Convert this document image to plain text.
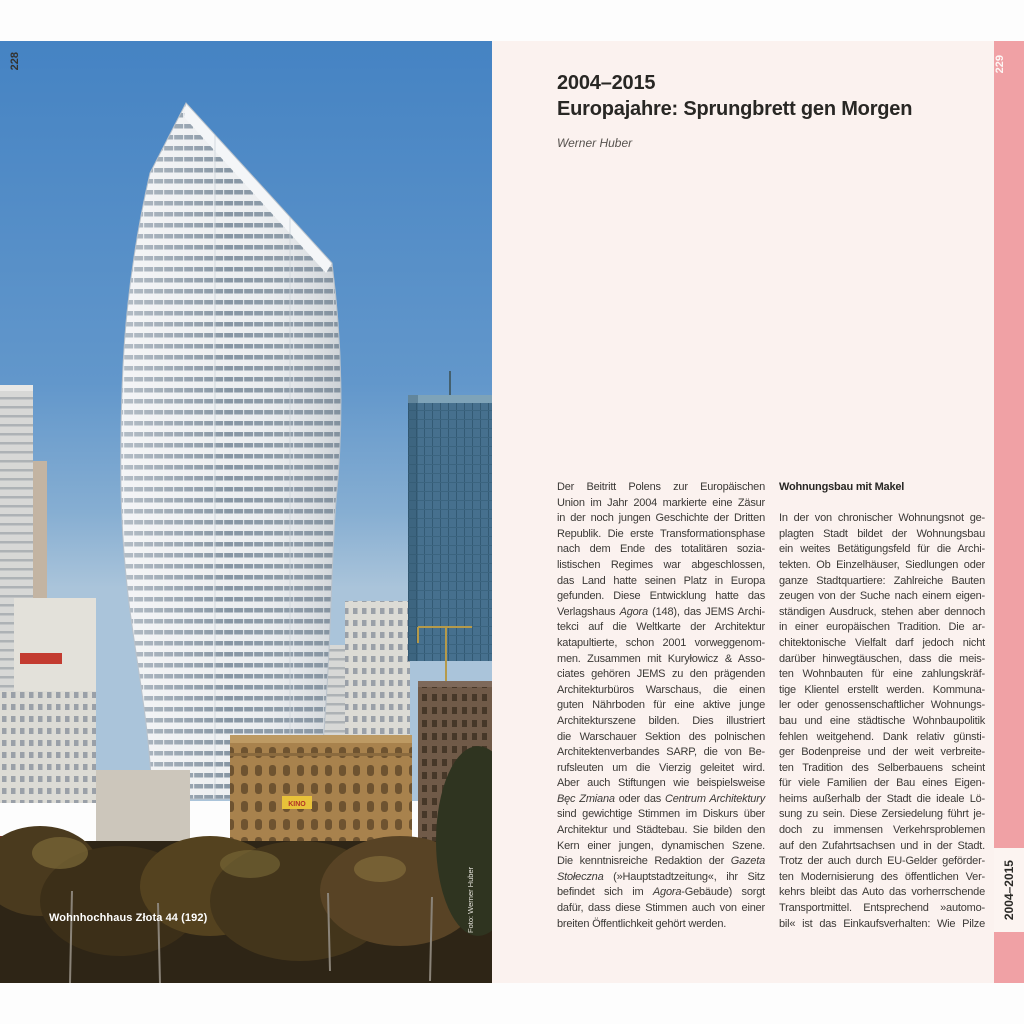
KINO
Wohnhochhaus Złota 44 (192)	Foto: Werner Huber
228
2004–2015
Europajahre: Sprungbrett gen Morgen
Werner Huber
Der Beitritt Polens zur Europäischen
Union im Jahr 2004 markierte eine Zäsur
in der noch jungen Geschichte der Dritten
Republik. Die erste Transformationsphase
nach dem Ende des totalitären sozia-
listischen Regimes war abgeschlossen,
das Land hatte seinen Platz in Europa
gefunden. Diese Entwicklung hatte das
Verlagshaus Agora (148), das JEMS Archi-
tekci auf die Weltkarte der Architektur
katapultierte, schon 2001 vorweggenom-
men. Zusammen mit Kuryłowicz & Asso-
ciates gehören JEMS zu den prägenden
Architekturbüros Warschaus, die einen
guten Nährboden für eine aktive junge
Architekturszene bilden. Dies illustriert
die Warschauer Sektion des polnischen
Architektenverbandes SARP, die von Be-
rufsleuten um die Vierzig geleitet wird.
Aber auch Stiftungen wie beispielsweise
Bęc Zmiana oder das Centrum Architektury
sind gewichtige Stimmen im Diskurs über
Architektur und Städtebau. Sie bilden den
Kern einer jungen, dynamischen Szene.
Die kenntnisreiche Redaktion der Gazeta
Stołeczna (»Hauptstadtzeitung«, ihr Sitz
befindet sich im Agora-Gebäude) sorgt
dafür, dass diese Stimmen auch von einer
breiten Öffentlichkeit gehört werden.
Wohnungsbau mit Makel
In der von chronischer Wohnungsnot ge-
plagten Stadt bildet der Wohnungsbau
ein weites Betätigungsfeld für die Archi-
tekten. Ob Einzelhäuser, Siedlungen oder
ganze Stadtquartiere: Zahlreiche Bauten
zeugen von der Suche nach einem eigen-
ständigen Ausdruck, stehen aber dennoch
in einer europäischen Tradition. Die ar-
chitektonische Vielfalt darf jedoch nicht
darüber hinwegtäuschen, dass die meis-
ten Wohnbauten für eine zahlungskräf-
tige Klientel erstellt werden. Kommuna-
ler oder genossenschaftlicher Wohnungs-
bau und eine städtische Wohnbaupolitik
fehlen weitgehend. Dank relativ günsti-
ger Bodenpreise und der weit verbreite-
ten Tradition des Selberbauens scheint
für viele Familien der Bau eines Eigen-
heims außerhalb der Stadt die ideale Lö-
sung zu sein. Diese Zersiedelung führt je-
doch zu immensen Verkehrsproblemen
auf den Zufahrtsachsen und in der Stadt.
Trotz der auch durch EU-Gelder geförder-
ten Modernisierung des öffentlichen Ver-
kehrs bleibt das Auto das vorherrschende
Transportmittel. Entsprechend »automo-
bil« ist das Einkaufsverhalten: Wie Pilze
229
2004–2015
